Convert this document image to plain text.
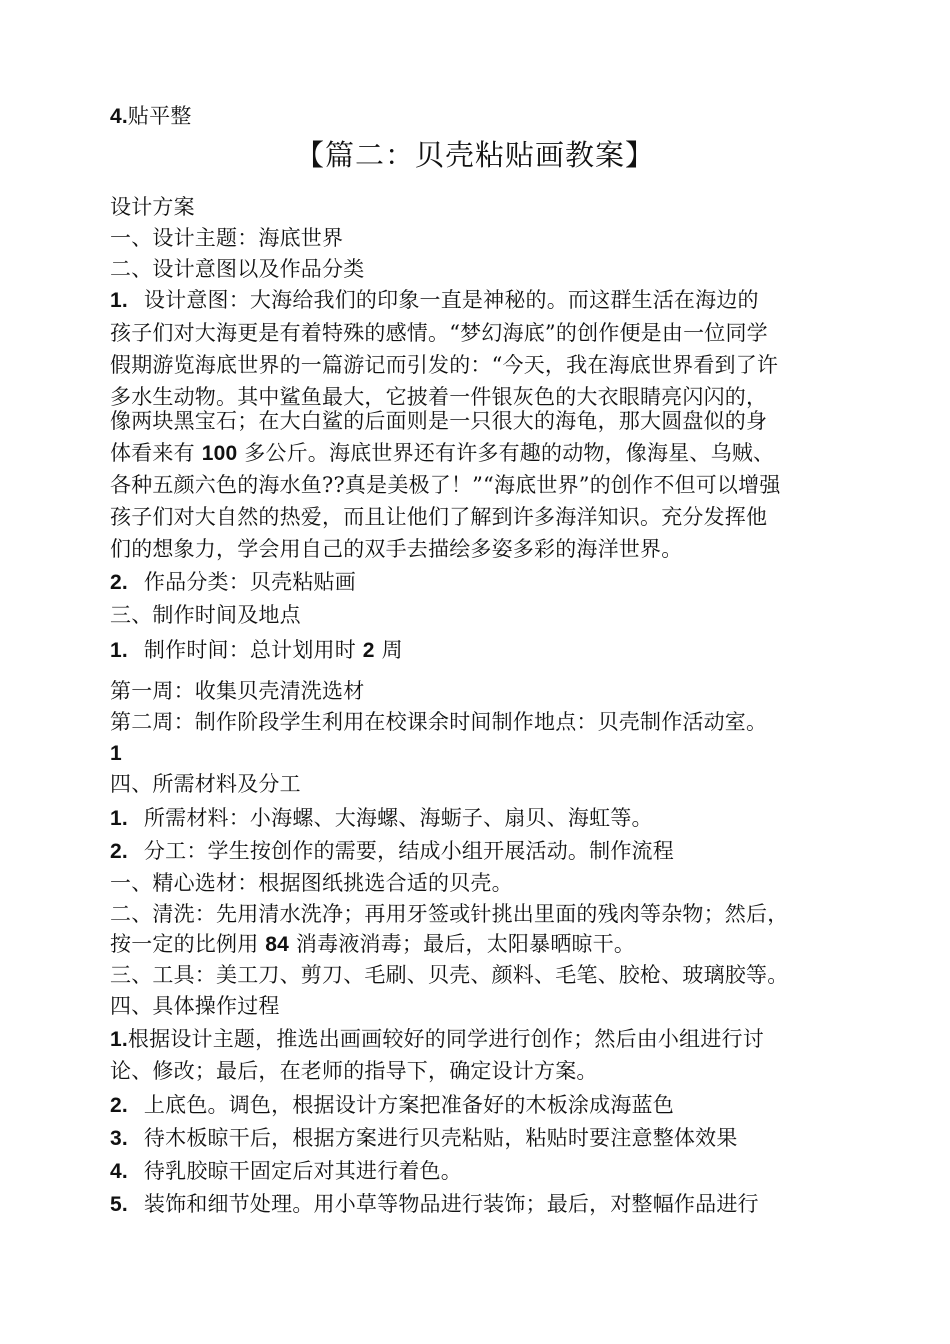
4.贴平整
【篇二：贝壳粘贴画教案】
设计方案
一、设计主题：海底世界
二、设计意图以及作品分类
1. 设计意图：大海给我们的印象一直是神秘的。而这群生活在海边的
孩子们对大海更是有着特殊的感情。“梦幻海底”的创作便是由一位同学
假期游览海底世界的一篇游记而引发的：“今天，我在海底世界看到了许
多水生动物。其中鲨鱼最大，它披着一件银灰色的大衣眼睛亮闪闪的，
像两块黑宝石；在大白鲨的后面则是一只很大的海龟，那大圆盘似的身
体看来有 100 多公斤。海底世界还有许多有趣的动物，像海星、乌贼、
各种五颜六色的海水鱼??真是美极了！”“海底世界”的创作不但可以增强
孩子们对大自然的热爱，而且让他们了解到许多海洋知识。充分发挥他
们的想象力，学会用自己的双手去描绘多姿多彩的海洋世界。
2. 作品分类：贝壳粘贴画
三、制作时间及地点
1. 制作时间：总计划用时 2 周
第一周：收集贝壳清洗选材
第二周：制作阶段学生利用在校课余时间制作地点：贝壳制作活动室。
1
四、所需材料及分工
1. 所需材料：小海螺、大海螺、海蛎子、扇贝、海虹等。
2. 分工：学生按创作的需要，结成小组开展活动。制作流程
一、精心选材：根据图纸挑选合适的贝壳。
二、清洗：先用清水洗净；再用牙签或针挑出里面的残肉等杂物；然后，
按一定的比例用 84 消毒液消毒；最后，太阳暴晒晾干。
三、工具：美工刀、剪刀、毛刷、贝壳、颜料、毛笔、胶枪、玻璃胶等。
四、具体操作过程
1.根据设计主题，推选出画画较好的同学进行创作；然后由小组进行讨
论、修改；最后，在老师的指导下，确定设计方案。
2. 上底色。调色，根据设计方案把准备好的木板涂成海蓝色
3. 待木板晾干后，根据方案进行贝壳粘贴，粘贴时要注意整体效果
4. 待乳胶晾干固定后对其进行着色。
5. 装饰和细节处理。用小草等物品进行装饰；最后，对整幅作品进行
